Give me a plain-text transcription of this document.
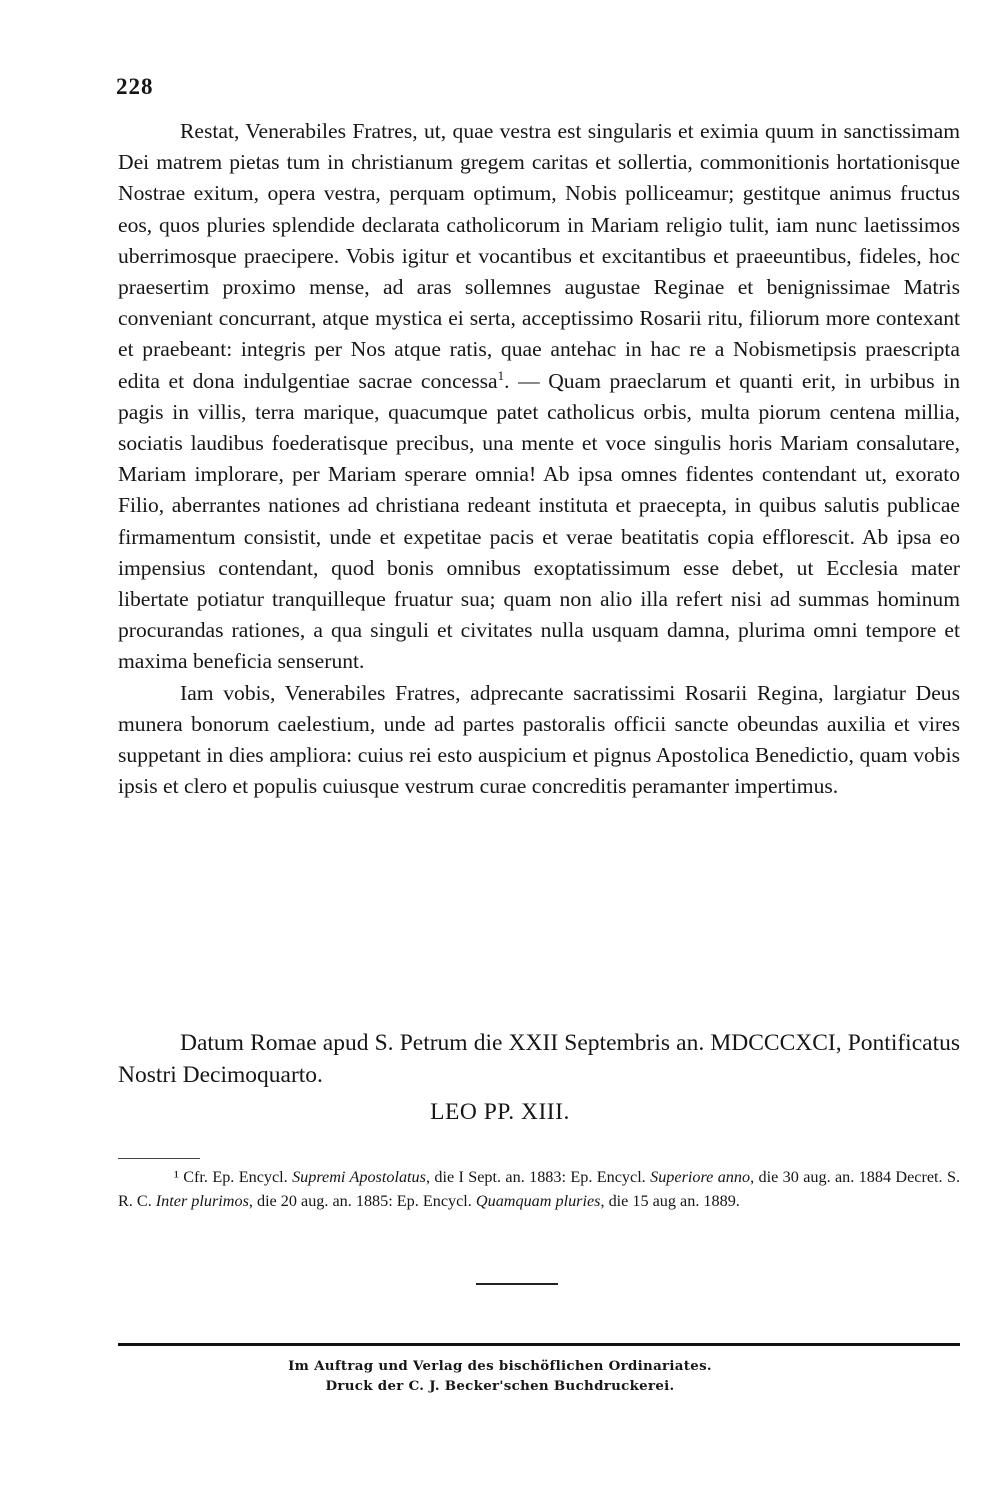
228

Restat, Venerabiles Fratres, ut, quae vestra est singularis et eximia quum in sanctissimam Dei matrem pietas tum in christianum gregem caritas et sollertia, commonitionis hortationisque Nostrae exitum, opera vestra, perquam optimum, Nobis polliceamur; gestitque animus fructus eos, quos pluries splendide declarata catholicorum in Mariam religio tulit, iam nunc laetissimos uberrimosque praecipere. Vobis igitur et vocantibus et excitantibus et praeeuntibus, fideles, hoc praesertim proximo mense, ad aras sollemnes augustae Reginae et benignissimae Matris conveniant concurrant, atque mystica ei serta, acceptissimo Rosarii ritu, filiorum more contexant et praebeant: integris per Nos atque ratis, quae antehac in hac re a Nobismetipsis praescripta edita et dona indulgentiae sacrae concessa$^1$. — Quam praeclarum et quanti erit, in urbibus in pagis in villis, terra marique, quacumque patet catholicus orbis, multa piorum centena millia, sociatis laudibus foederatisque precibus, una mente et voce singulis horis Mariam consalutare, Mariam implorare, per Mariam sperare omnia! Ab ipsa omnes fidentes contendant ut, exorato Filio, aberrantes nationes ad christiana redeant instituta et praecepta, in quibus salutis publicae firmamentum consistit, unde et expetitae pacis et verae beatitatis copia efflorescit. Ab ipsa eo impensius contendant, quod bonis omnibus exoptatissimum esse debet, ut Ecclesia mater libertate potiatur tranquilleque fruatur sua; quam non alio illa refert nisi ad summas hominum procurandas rationes, a qua singuli et civitates nulla usquam damna, plurima omni tempore et maxima beneficia senserunt.

Iam vobis, Venerabiles Fratres, adprecante sacratissimi Rosarii Regina, largiatur Deus munera bonorum caelestium, unde ad partes pastoralis officii sancte obeundas auxilia et vires suppetant in dies ampliora: cuius rei esto auspicium et pignus Apostolica Benedictio, quam vobis ipsis et clero et populis cuiusque vestrum curae concreditis peramanter impertimus.

Datum Romae apud S. Petrum die XXII Septembris an. MDCCCXCI, Pontificatus Nostri Decimoquarto.

LEO PP. XIII.
¹ Cfr. Ep. Encycl. Supremi Apostolatus, die I Sept. an. 1883: Ep. Encycl. Superiore anno, die 30 aug. an. 1884 Decret. S. R. C. Inter plurimos, die 20 aug. an. 1885: Ep. Encycl. Quamquam pluries, die 15 aug an. 1889.
Im Auftrag und Verlag des bischöflichen Ordinariates.
Druck der C. J. Becker'schen Buchdruckerei.
